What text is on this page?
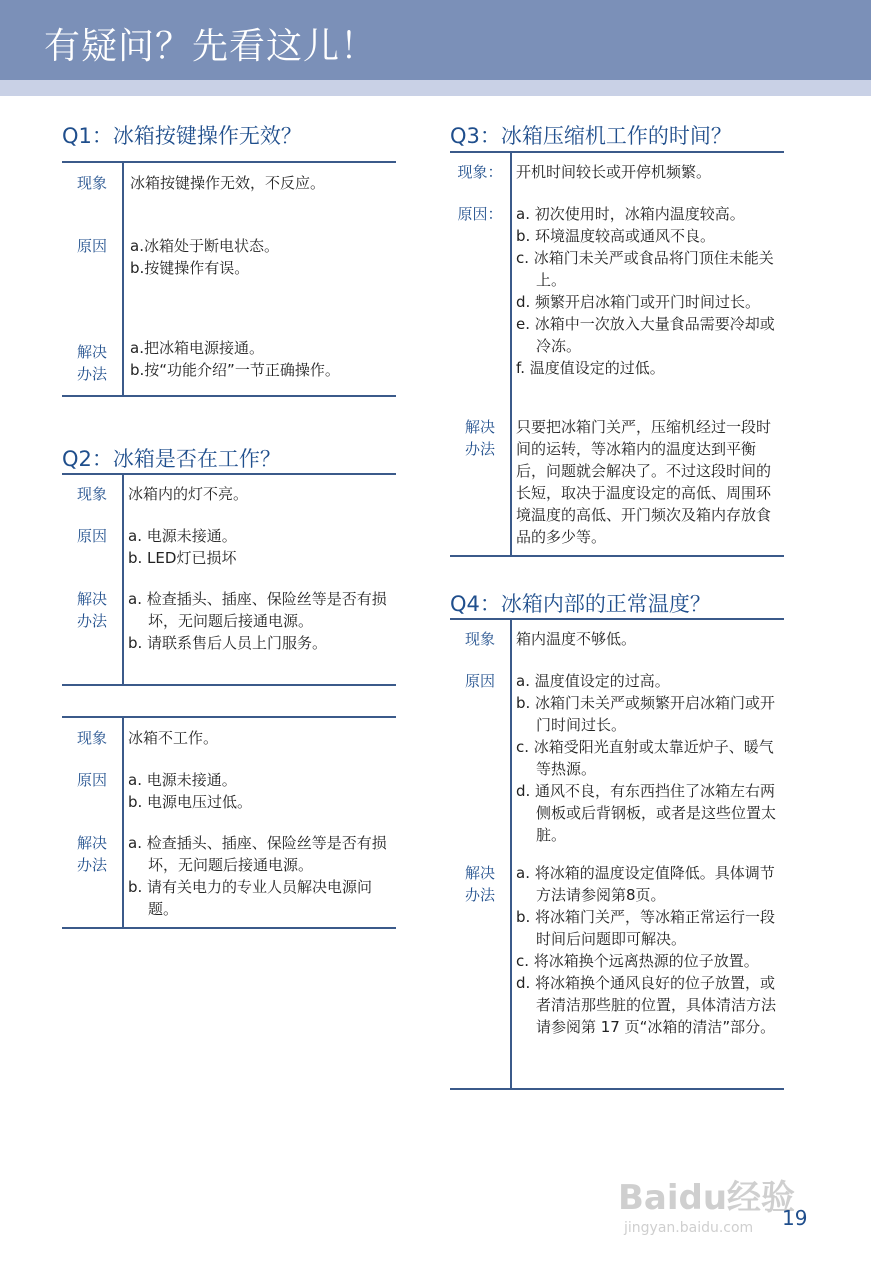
有疑问？先看这儿！
Q1：冰箱按键操作无效？
现象	冰箱按键操作无效，不反应。
原因	a.冰箱处于断电状态。
b.按键操作有误。
解决
办法
a.把冰箱电源接通。
b.按“功能介绍”一节正确操作。
Q2：冰箱是否在工作？
现象	冰箱内的灯不亮。
原因	a. 电源未接通。
b. LED灯已损坏
解决
办法
a. 检查插头、插座、保险丝等是否有损坏，无问题后接通电源。
b. 请联系售后人员上门服务。
现象	冰箱不工作。
原因	a. 电源未接通。
b. 电源电压过低。
解决
办法
a. 检查插头、插座、保险丝等是否有损坏，无问题后接通电源。
b. 请有关电力的专业人员解决电源问题。
Q3：冰箱压缩机工作的时间？
现象： 开机时间较长或开停机频繁。
原因： a. 初次使用时，冰箱内温度较高。
b. 环境温度较高或通风不良。
c. 冰箱门未关严或食品将门顶住未能关上。
d. 频繁开启冰箱门或开门时间过长。
e. 冰箱中一次放入大量食品需要冷却或冷冻。
f. 温度值设定的过低。
解决
办法
只要把冰箱门关严，压缩机经过一段时间的运转，等冰箱内的温度达到平衡后，问题就会解决了。不过这段时间的长短，取决于温度设定的高低、周围环境温度的高低、开门频次及箱内存放食品的多少等。
Q4：冰箱内部的正常温度？
现象	箱内温度不够低。
原因	a. 温度值设定的过高。
b. 冰箱门未关严或频繁开启冰箱门或开门时间过长。
c. 冰箱受阳光直射或太靠近炉子、暖气等热源。
d. 通风不良，有东西挡住了冰箱左右两侧板或后背钢板，或者是这些位置太脏。
解决
办法
a. 将冰箱的温度设定值降低。具体调节方法请参阅第8页。
b. 将冰箱门关严，等冰箱正常运行一段时间后问题即可解决。
c. 将冰箱换个远离热源的位子放置。
d. 将冰箱换个通风良好的位子放置，或者清洁那些脏的位置，具体清洁方法请参阅第 17 页“冰箱的清洁”部分。
Baidu经验
jingyan.baidu.com 19
